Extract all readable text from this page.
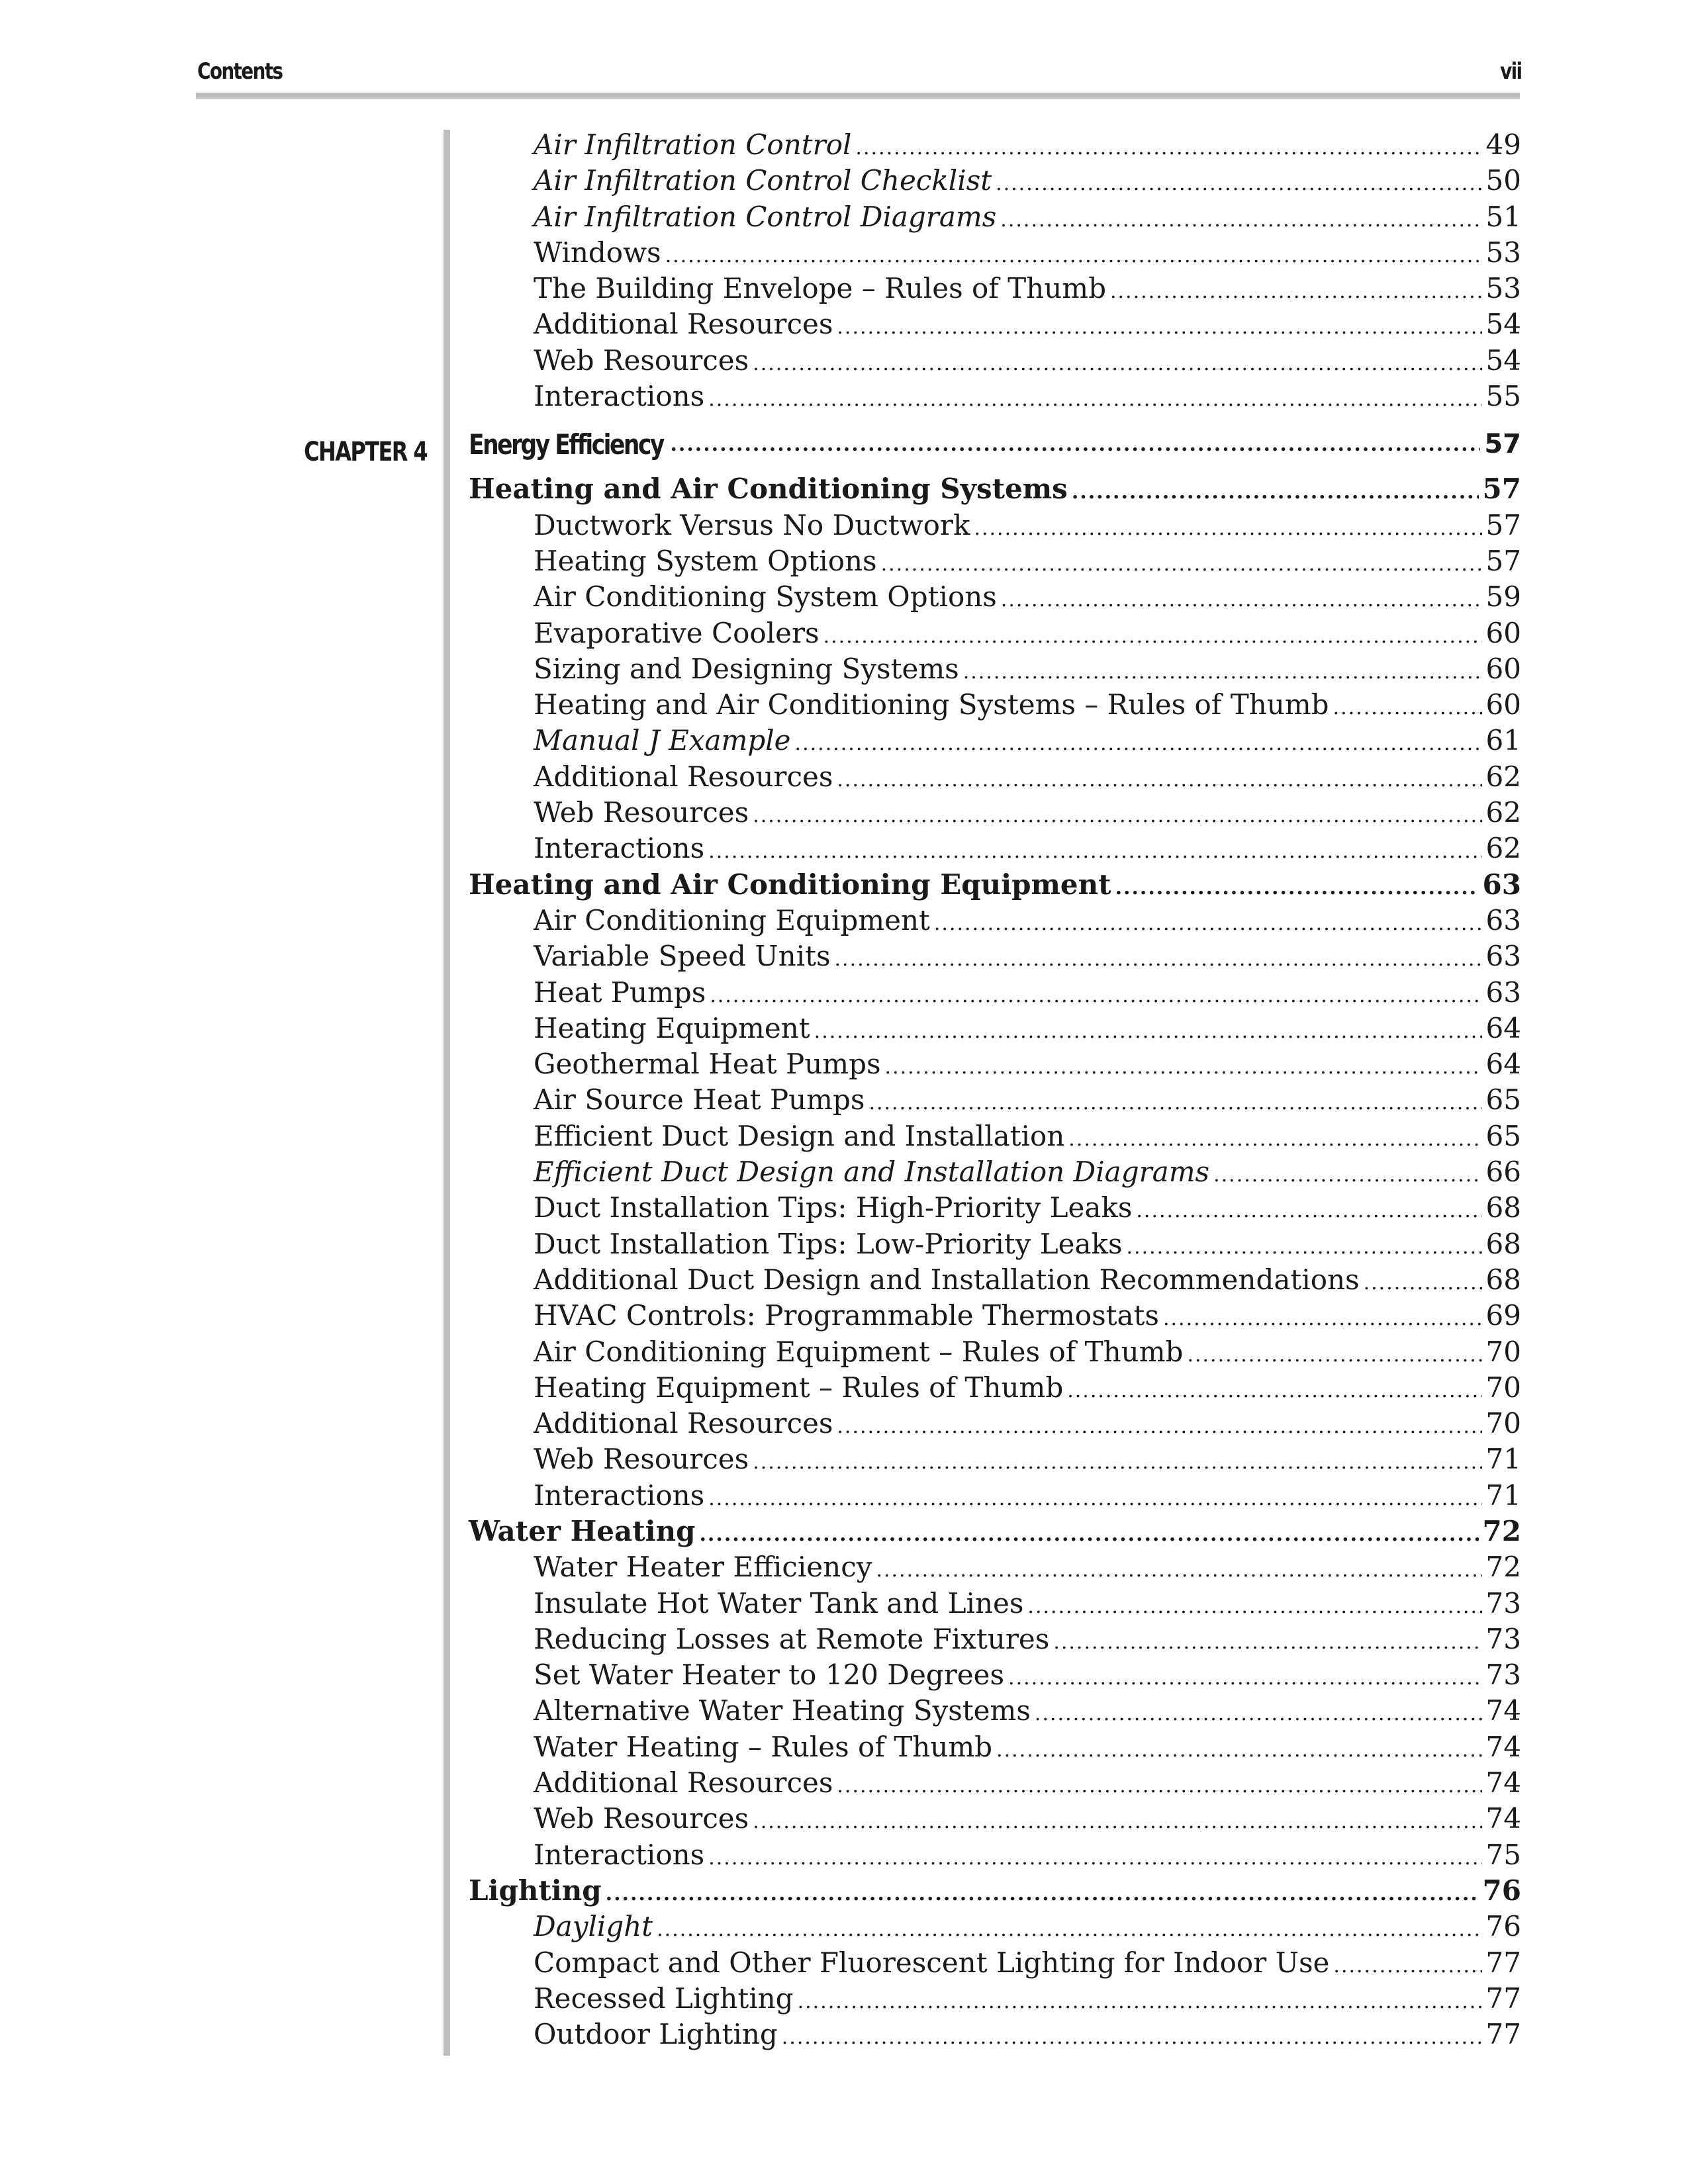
Contents	vii
CHAPTER 4
Air Infiltration Control .....	49
Air Infiltration Control Checklist .....	50
Air Infiltration Control Diagrams .....	51
Windows .....	53
The Building Envelope – Rules of Thumb .....	53
Additional Resources .....	54
Web Resources .....	54
Interactions .....	55
Energy Efficiency .....	57
Heating and Air Conditioning Systems .....	57
Ductwork Versus No Ductwork .....	57
Heating System Options .....	57
Air Conditioning System Options .....	59
Evaporative Coolers .....	60
Sizing and Designing Systems .....	60
Heating and Air Conditioning Systems – Rules of Thumb .....	60
Manual J Example .....	61
Additional Resources .....	62
Web Resources .....	62
Interactions .....	62
Heating and Air Conditioning Equipment .....	63
Air Conditioning Equipment .....	63
Variable Speed Units .....	63
Heat Pumps .....	63
Heating Equipment .....	64
Geothermal Heat Pumps .....	64
Air Source Heat Pumps .....	65
Efficient Duct Design and Installation .....	65
Efficient Duct Design and Installation Diagrams .....	66
Duct Installation Tips: High-Priority Leaks .....	68
Duct Installation Tips: Low-Priority Leaks .....	68
Additional Duct Design and Installation Recommendations .....	68
HVAC Controls: Programmable Thermostats .....	69
Air Conditioning Equipment – Rules of Thumb .....	70
Heating Equipment – Rules of Thumb .....	70
Additional Resources .....	70
Web Resources .....	71
Interactions .....	71
Water Heating .....	72
Water Heater Efficiency .....	72
Insulate Hot Water Tank and Lines .....	73
Reducing Losses at Remote Fixtures .....	73
Set Water Heater to 120 Degrees .....	73
Alternative Water Heating Systems .....	74
Water Heating – Rules of Thumb .....	74
Additional Resources .....	74
Web Resources .....	74
Interactions .....	75
Lighting .....	76
Daylight .....	76
Compact and Other Fluorescent Lighting for Indoor Use .....	77
Recessed Lighting .....	77
Outdoor Lighting .....	77
